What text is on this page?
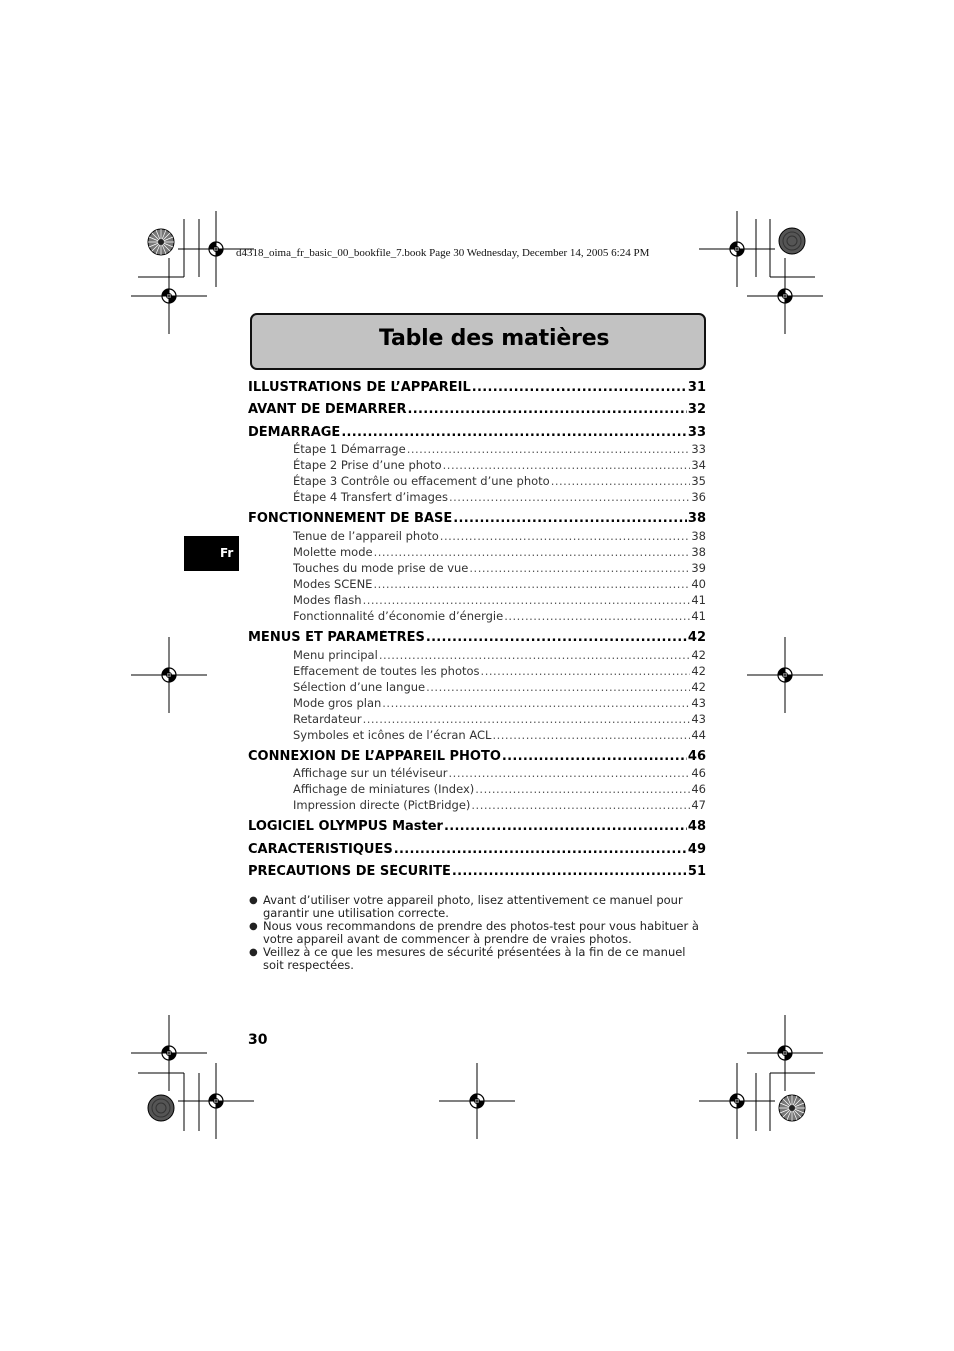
d4318_oima_fr_basic_00_bookfile_7.book Page 30 Wednesday, December 14, 2005 6:24 PM
Table des matières
Fr
ILLUSTRATIONS DE L’APPAREIL .....	31
AVANT DE DÉMARRER .....	32
DÉMARRAGE .....	33
Étape 1 Démarrage .....	33
Étape 2 Prise d’une photo .....	34
Étape 3 Contrôle ou effacement d’une photo .....	35
Étape 4 Transfert d’images .....	36
FONCTIONNEMENT DE BASE .....	38
Tenue de l’appareil photo .....	38
Molette mode .....	38
Touches du mode prise de vue .....	39
Modes SCENE .....	40
Modes flash .....	41
Fonctionnalité d’économie d’énergie .....	41
MENUS ET PARAMÈTRES .....	42
Menu principal .....	42
Effacement de toutes les photos .....	42
Sélection d’une langue .....	42
Mode gros plan .....	43
Retardateur .....	43
Symboles et icônes de l’écran ACL .....	44
CONNEXION DE L’APPAREIL PHOTO .....	46
Affichage sur un téléviseur .....	46
Affichage de miniatures (Index) .....	46
Impression directe (PictBridge) .....	47
LOGICIEL OLYMPUS Master .....	48
CARACTÉRISTIQUES .....	49
PRÉCAUTIONS DE SÉCURITÉ .....	51

● Avant d’utiliser votre appareil photo, lisez attentivement ce manuel pour garantir une utilisation correcte.

● Nous vous recommandons de prendre des photos-test pour vous habituer à votre appareil avant de commencer à prendre de vraies photos.

● Veillez à ce que les mesures de sécurité présentées à la fin de ce manuel soit respectées.

30
